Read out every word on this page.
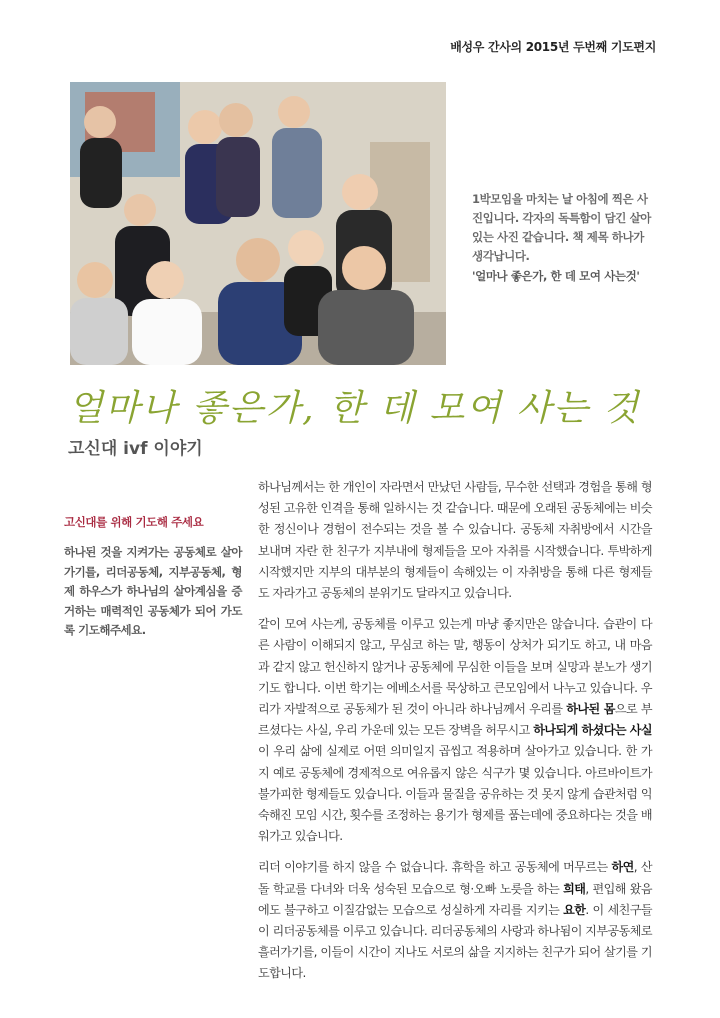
배성우 간사의 2015년 두번째 기도편지
1박모임을 마치는 날 아침에 찍은 사진입니다. 각자의 독특함이 담긴 살아있는 사진 같습니다. 책 제목 하나가 생각납니다.
'얼마나 좋은가, 한 데 모여 사는것'
얼마나 좋은가, 한 데 모여 사는 것
고신대 ivf 이야기
고신대를 위해 기도해 주세요
하나된 것을 지켜가는 공동체로 살아가기를, 리더공동체, 지부공동체, 형제 하우스가 하나님의 살아계심을 증거하는 매력적인 공동체가 되어 가도록 기도해주세요.

하나님께서는 한 개인이 자라면서 만났던 사람들, 무수한 선택과 경험을 통해 형성된 고유한 인격을 통해 일하시는 것 같습니다. 때문에 오래된 공동체에는 비슷한 정신이나 경험이 전수되는 것을 볼 수 있습니다. 공동체 자취방에서 시간을 보내며 자란 한 친구가 지부내에 형제들을 모아 자취를 시작했습니다. 투박하게 시작했지만 지부의 대부분의 형제들이 속해있는 이 자취방을 통해 다른 형제들도 자라가고 공동체의 분위기도 달라지고 있습니다.

같이 모여 사는게, 공동체를 이루고 있는게 마냥 좋지만은 않습니다. 습관이 다른 사람이 이해되지 않고, 무심코 하는 말, 행동이 상처가 되기도 하고, 내 마음과 같지 않고 헌신하지 않거나 공동체에 무심한 이들을 보며 실망과 분노가 생기기도 합니다. 이번 학기는 에베소서를 묵상하고 큰모임에서 나누고 있습니다. 우리가 자발적으로 공동체가 된 것이 아니라 하나님께서 우리를 하나된 몸으로 부르셨다는 사실, 우리 가운데 있는 모든 장벽을 허무시고 하나되게 하셨다는 사실이 우리 삶에 실제로 어떤 의미일지 곱씹고 적용하며 살아가고 있습니다. 한 가지 예로 공동체에 경제적으로 여유롭지 않은 식구가 몇 있습니다. 아르바이트가 불가피한 형제들도 있습니다. 이들과 물질을 공유하는 것 못지 않게 습관처럼 익숙해진 모임 시간, 횟수를 조정하는 용기가 형제를 품는데에 중요하다는 것을 배워가고 있습니다.

리더 이야기를 하지 않을 수 없습니다. 휴학을 하고 공동체에 머무르는 하연, 산돌 학교를 다녀와 더욱 성숙된 모습으로 형·오빠 노릇을 하는 희태, 편입해 왔음에도 불구하고 이질감없는 모습으로 성실하게 자리를 지키는 요한. 이 세친구들이 리더공동체를 이루고 있습니다. 리더공동체의 사랑과 하나됨이 지부공동체로 흘러가기를, 이들이 시간이 지나도 서로의 삶을 지지하는 친구가 되어 살기를 기도합니다.
